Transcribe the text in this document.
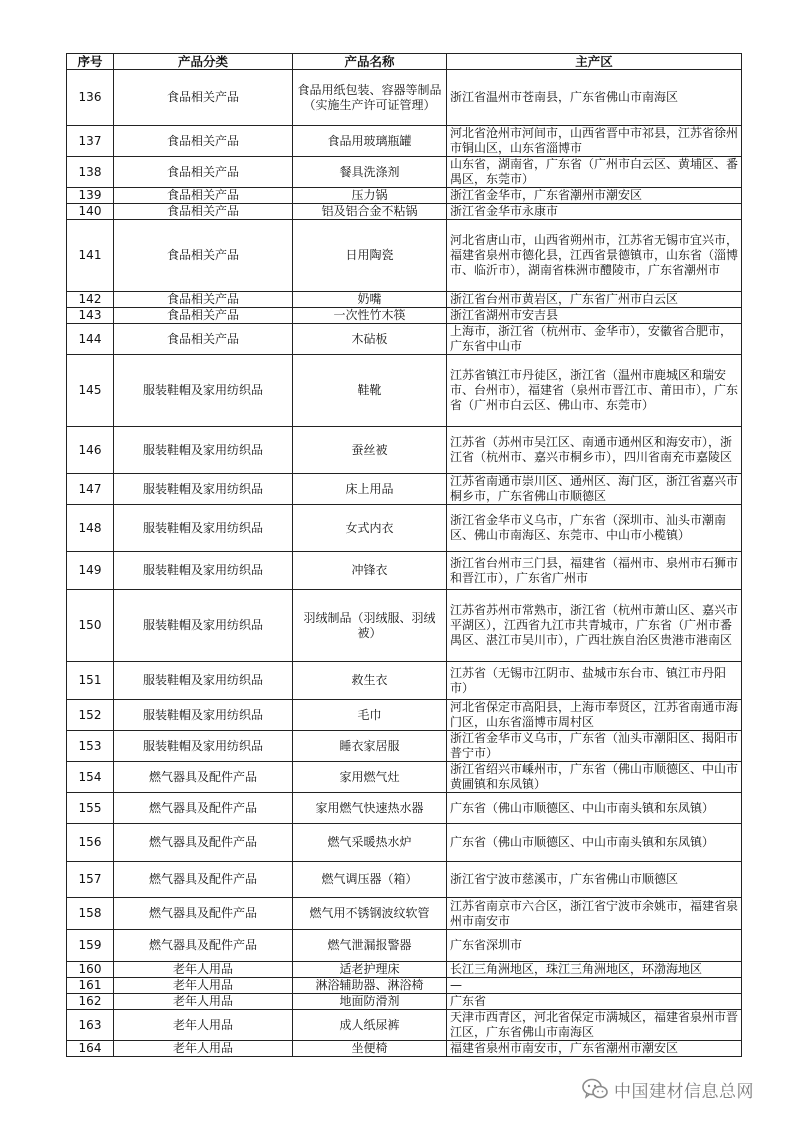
序号	产品分类	产品名称	主产区
136	食品相关产品	食品用纸包装、容器等制品（实施生产许可证管理）	浙江省温州市苍南县，广东省佛山市南海区
137	食品相关产品	食品用玻璃瓶罐	河北省沧州市河间市，山西省晋中市祁县，江苏省徐州市铜山区，山东省淄博市
138	食品相关产品	餐具洗涤剂	山东省，湖南省，广东省（广州市白云区、黄埔区、番禺区，东莞市）
139	食品相关产品	压力锅	浙江省金华市，广东省潮州市潮安区
140	食品相关产品	铝及铝合金不粘锅	浙江省金华市永康市
141	食品相关产品	日用陶瓷	河北省唐山市，山西省朔州市，江苏省无锡市宜兴市，福建省泉州市德化县，江西省景德镇市，山东省（淄博市、临沂市），湖南省株洲市醴陵市，广东省潮州市
142	食品相关产品	奶嘴	浙江省台州市黄岩区，广东省广州市白云区
143	食品相关产品	一次性竹木筷	浙江省湖州市安吉县
144	食品相关产品	木砧板	上海市，浙江省（杭州市、金华市），安徽省合肥市，广东省中山市
145	服装鞋帽及家用纺织品	鞋靴	江苏省镇江市丹徒区，浙江省（温州市鹿城区和瑞安市、台州市），福建省（泉州市晋江市、莆田市），广东省（广州市白云区、佛山市、东莞市）
146	服装鞋帽及家用纺织品	蚕丝被	江苏省（苏州市吴江区、南通市通州区和海安市），浙江省（杭州市、嘉兴市桐乡市），四川省南充市嘉陵区
147	服装鞋帽及家用纺织品	床上用品	江苏省南通市崇川区、通州区、海门区，浙江省嘉兴市桐乡市，广东省佛山市顺德区
148	服装鞋帽及家用纺织品	女式内衣	浙江省金华市义乌市，广东省（深圳市、汕头市潮南区、佛山市南海区、东莞市、中山市小榄镇）
149	服装鞋帽及家用纺织品	冲锋衣	浙江省台州市三门县，福建省（福州市、泉州市石狮市和晋江市），广东省广州市
150	服装鞋帽及家用纺织品	羽绒制品（羽绒服、羽绒被）	江苏省苏州市常熟市，浙江省（杭州市萧山区、嘉兴市平湖区），江西省九江市共青城市，广东省（广州市番禺区、湛江市吴川市），广西壮族自治区贵港市港南区
151	服装鞋帽及家用纺织品	救生衣	江苏省（无锡市江阴市、盐城市东台市、镇江市丹阳市）
152	服装鞋帽及家用纺织品	毛巾	河北省保定市高阳县，上海市奉贤区，江苏省南通市海门区，山东省淄博市周村区
153	服装鞋帽及家用纺织品	睡衣家居服	浙江省金华市义乌市，广东省（汕头市潮阳区、揭阳市普宁市）
154	燃气器具及配件产品	家用燃气灶	浙江省绍兴市嵊州市，广东省（佛山市顺德区、中山市黄圃镇和东凤镇）
155	燃气器具及配件产品	家用燃气快速热水器	广东省（佛山市顺德区、中山市南头镇和东凤镇）
156	燃气器具及配件产品	燃气采暖热水炉	广东省（佛山市顺德区、中山市南头镇和东凤镇）
157	燃气器具及配件产品	燃气调压器（箱）	浙江省宁波市慈溪市，广东省佛山市顺德区
158	燃气器具及配件产品	燃气用不锈钢波纹软管	江苏省南京市六合区，浙江省宁波市余姚市，福建省泉州市南安市
159	燃气器具及配件产品	燃气泄漏报警器	广东省深圳市
160	老年人用品	适老护理床	长江三角洲地区，珠江三角洲地区，环渤海地区
161	老年人用品	淋浴辅助器、淋浴椅	—
162	老年人用品	地面防滑剂	广东省
163	老年人用品	成人纸尿裤	天津市西青区，河北省保定市满城区，福建省泉州市晋江区，广东省佛山市南海区
164	老年人用品	坐便椅	福建省泉州市南安市，广东省潮州市潮安区
中国建材信息总网
